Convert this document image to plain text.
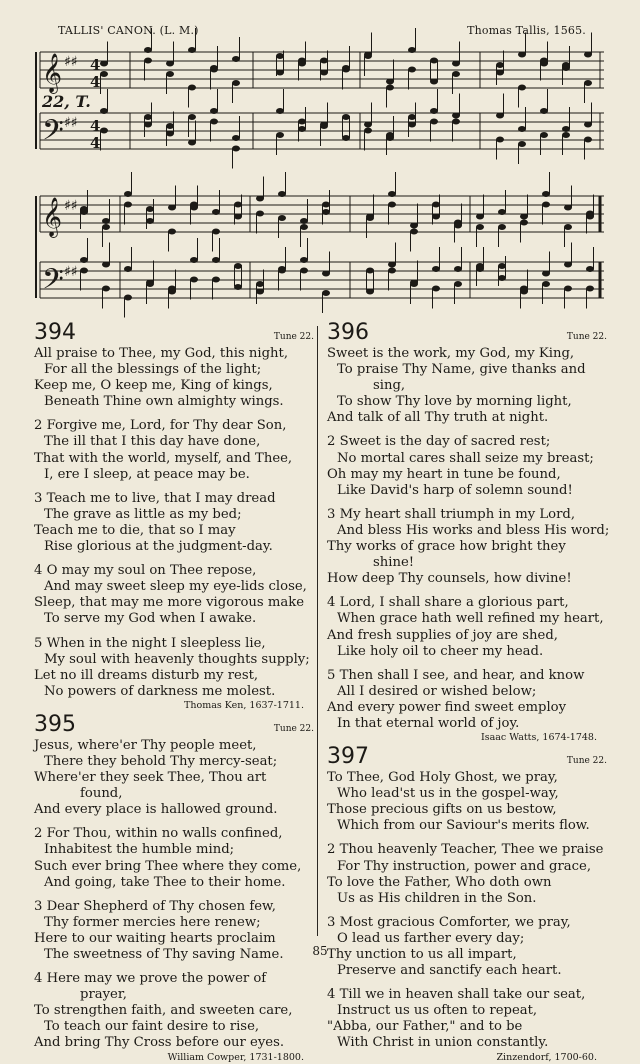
TALLIS' CANON. (L. M.)	Thomas Tallis, 1565.
22, T.
𝄞 ♯♯ 4
4
𝄢 ♯♯ 4
4
𝄞 ♯♯
𝄢 ♯♯
394	Tune 22.
All praise to Thee, my God, this night,
For all the blessings of the light;
Keep me, O keep me, King of kings,
Beneath Thine own almighty wings.
2 Forgive me, Lord, for Thy dear Son,
The ill that I this day have done,
That with the world, myself, and Thee,
I, ere I sleep, at peace may be.
3 Teach me to live, that I may dread
The grave as little as my bed;
Teach me to die, that so I may
Rise glorious at the judgment-day.
4 O may my soul on Thee repose,
And may sweet sleep my eye-lids close,
Sleep, that may me more vigorous make
To serve my God when I awake.
5 When in the night I sleepless lie,
My soul with heavenly thoughts supply;
Let no ill dreams disturb my rest,
No powers of darkness me molest.
Thomas Ken, 1637-1711.
395	Tune 22.
Jesus, where'er Thy people meet,
There they behold Thy mercy-seat;
Where'er they seek Thee, Thou art
found,
And every place is hallowed ground.
2 For Thou, within no walls confined,
Inhabitest the humble mind;
Such ever bring Thee where they come,
And going, take Thee to their home.
3 Dear Shepherd of Thy chosen few,
Thy former mercies here renew;
Here to our waiting hearts proclaim
The sweetness of Thy saving Name.
4 Here may we prove the power of
prayer,
To strengthen faith, and sweeten care,
To teach our faint desire to rise,
And bring Thy Cross before our eyes.
William Cowper, 1731-1800.
396	Tune 22.
Sweet is the work, my God, my King,
To praise Thy Name, give thanks and
sing,
To show Thy love by morning light,
And talk of all Thy truth at night.
2 Sweet is the day of sacred rest;
No mortal cares shall seize my breast;
Oh may my heart in tune be found,
Like David's harp of solemn sound!
3 My heart shall triumph in my Lord,
And bless His works and bless His word;
Thy works of grace how bright they
shine!
How deep Thy counsels, how divine!
4 Lord, I shall share a glorious part,
When grace hath well refined my heart,
And fresh supplies of joy are shed,
Like holy oil to cheer my head.
5 Then shall I see, and hear, and know
All I desired or wished below;
And every power find sweet employ
In that eternal world of joy.
Isaac Watts, 1674-1748.
397	Tune 22.
To Thee, God Holy Ghost, we pray,
Who lead'st us in the gospel-way,
Those precious gifts on us bestow,
Which from our Saviour's merits flow.
2 Thou heavenly Teacher, Thee we praise
For Thy instruction, power and grace,
To love the Father, Who doth own
Us as His children in the Son.
3 Most gracious Comforter, we pray,
O lead us farther every day;
Thy unction to us all impart,
Preserve and sanctify each heart.
4 Till we in heaven shall take our seat,
Instruct us us often to repeat,
"Abba, our Father," and to be
With Christ in union constantly.
Zinzendorf, 1700-60.
85
